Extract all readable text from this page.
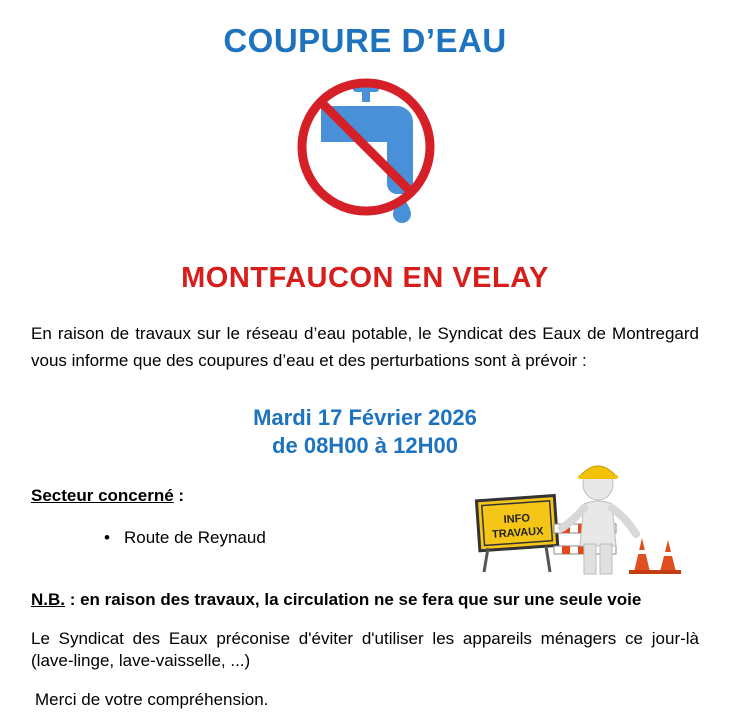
COUPURE D’EAU
MONTFAUCON EN VELAY
En raison de travaux sur le réseau d’eau potable, le Syndicat des Eaux de Montregard vous informe que des coupures d’eau et des perturbations sont à prévoir :
Mardi 17 Février 2026
de 08H00 à 12H00
Secteur concerné :
• Route de Reynaud
INFO
TRAVAUX
N.B. : en raison des travaux, la circulation ne se fera que sur une seule voie
Le Syndicat des Eaux préconise d'éviter d'utiliser les appareils ménagers ce jour-là (lave-linge, lave-vaisselle, ...)
Merci de votre compréhension.
